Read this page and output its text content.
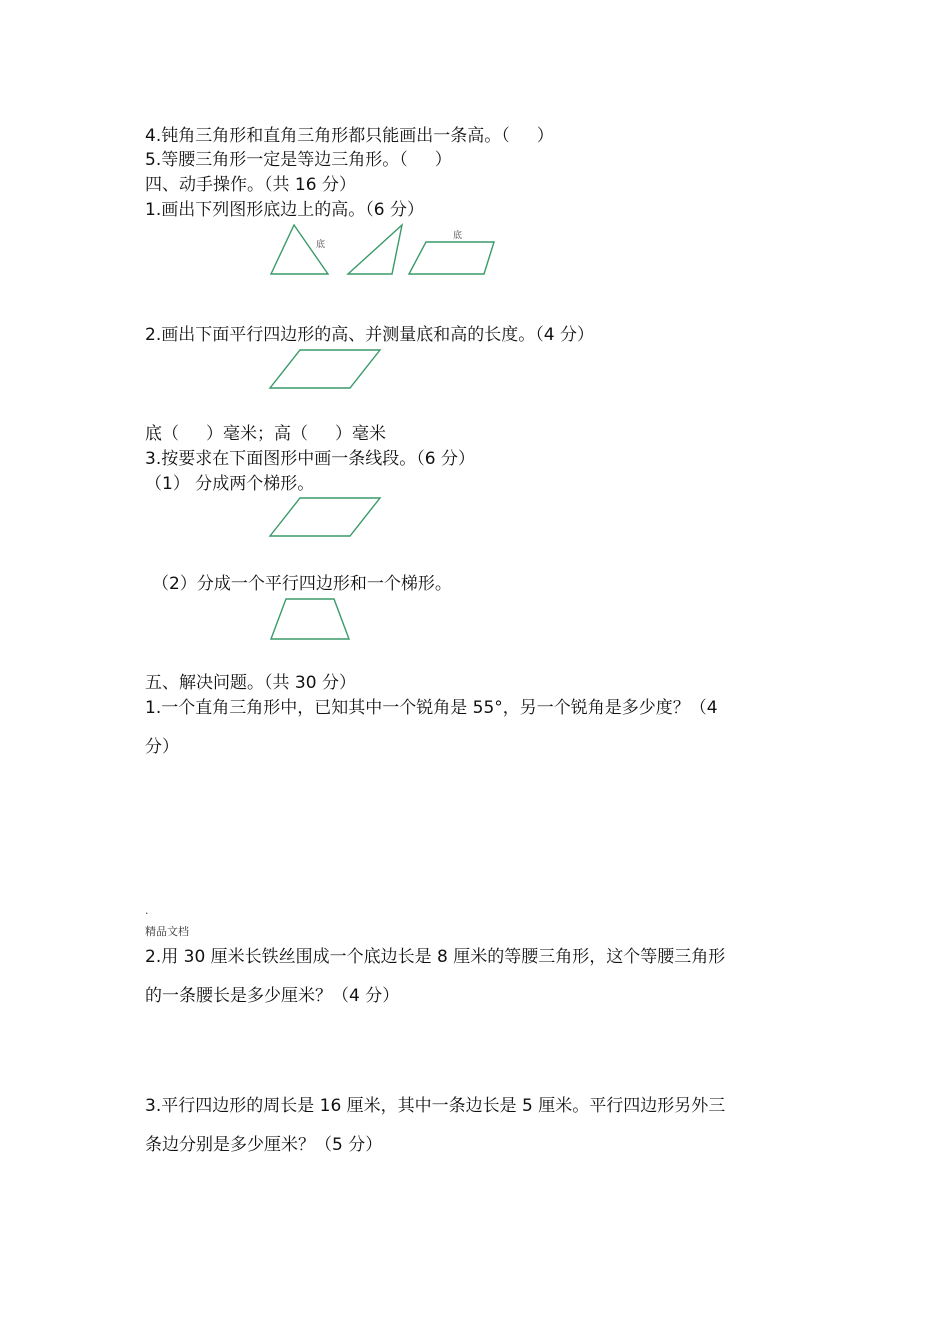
4.钝角三角形和直角三角形都只能画出一条高。（     ）
5.等腰三角形一定是等边三角形。（     ）
四、动手操作。（共 16 分）
1.画出下列图形底边上的高。（6 分）
底
底
2.画出下面平行四边形的高、并测量底和高的长度。（4 分）
底（     ）毫米；高（     ）毫米
3.按要求在下面图形中画一条线段。（6 分）
（1） 分成两个梯形。
（2）分成一个平行四边形和一个梯形。
五、解决问题。（共 30 分）
1.一个直角三角形中，已知其中一个锐角是 55°，另一个锐角是多少度？（4
分）
.
精品文档
2.用 30 厘米长铁丝围成一个底边长是 8 厘米的等腰三角形，这个等腰三角形
的一条腰长是多少厘米？（4 分）
3.平行四边形的周长是 16 厘米，其中一条边长是 5 厘米。平行四边形另外三
条边分别是多少厘米？（5 分）
